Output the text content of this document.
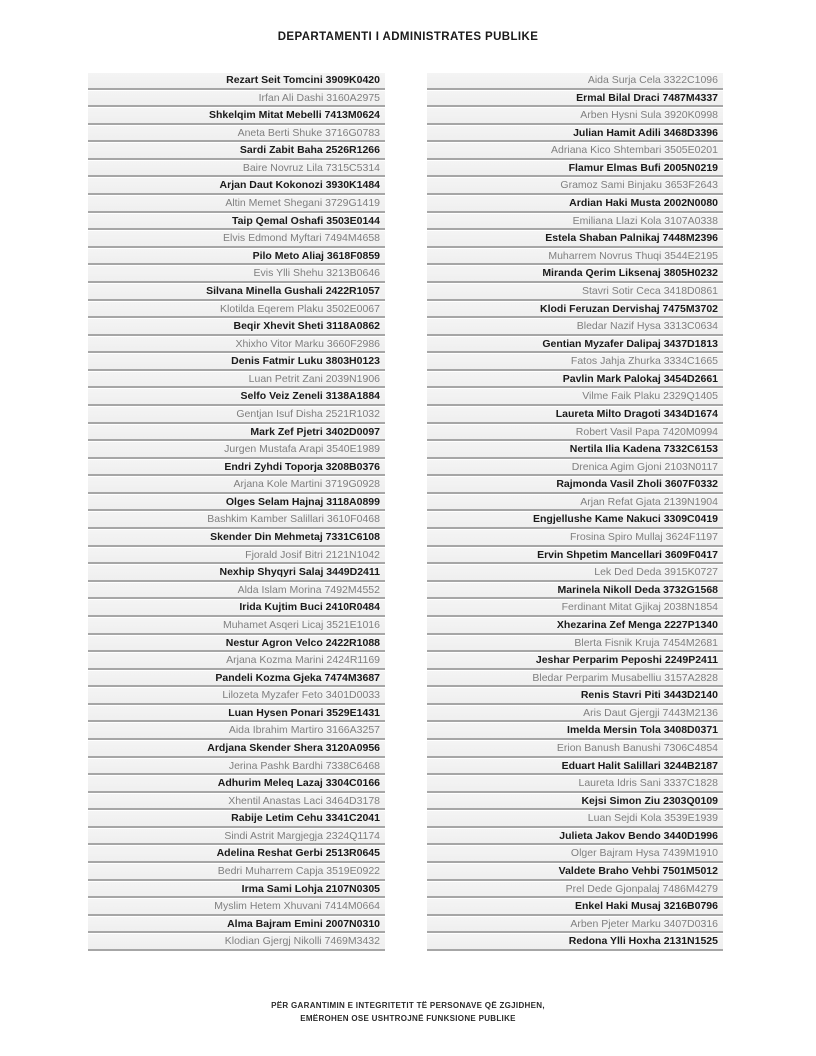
DEPARTAMENTI I ADMINISTRATES PUBLIKE
Rezart Seit Tomcini 3909K0420
Irfan Ali Dashi 3160A2975
Shkelqim Mitat Mebelli 7413M0624
Aneta Berti Shuke 3716G0783
Sardi Zabit Baha 2526R1266
Baire Novruz Lila 7315C5314
Arjan Daut Kokonozi 3930K1484
Altin Memet Shegani 3729G1419
Taip Qemal Oshafi 3503E0144
Elvis Edmond Myftari 7494M4658
Pilo Meto Aliaj 3618F0859
Evis Ylli Shehu 3213B0646
Silvana Minella Gushali 2422R1057
Klotilda Eqerem Plaku 3502E0067
Beqir Xhevit Sheti 3118A0862
Xhixho Vitor Marku 3660F2986
Denis Fatmir Luku 3803H0123
Luan Petrit Zani 2039N1906
Selfo Veiz Zeneli 3138A1884
Gentjan Isuf Disha 2521R1032
Mark Zef Pjetri 3402D0097
Jurgen Mustafa Arapi 3540E1989
Endri Zyhdi Toporja 3208B0376
Arjana Kole Martini 3719G0928
Olges Selam Hajnaj 3118A0899
Bashkim Kamber Salillari 3610F0468
Skender Din Mehmetaj 7331C6108
Fjorald Josif Bitri 2121N1042
Nexhip Shyqyri Salaj 3449D2411
Alda Islam Morina 7492M4552
Irida Kujtim Buci 2410R0484
Muhamet Asqeri Licaj 3521E1016
Nestur Agron Velco 2422R1088
Arjana Kozma Marini 2424R1169
Pandeli Kozma Gjeka 7474M3687
Lilozeta Myzafer Feto 3401D0033
Luan Hysen Ponari 3529E1431
Aida Ibrahim Martiro 3166A3257
Ardjana Skender Shera 3120A0956
Jerina Pashk Bardhi 7338C6468
Adhurim Meleq Lazaj 3304C0166
Xhentil Anastas Laci 3464D3178
Rabije Letim Cehu 3341C2041
Sindi Astrit Margjegja 2324Q1174
Adelina Reshat Gerbi 2513R0645
Bedri Muharrem Capja 3519E0922
Irma Sami Lohja 2107N0305
Myslim Hetem Xhuvani 7414M0664
Alma Bajram Emini 2007N0310
Klodian Gjergj Nikolli 7469M3432
Aida Surja Cela 3322C1096
Ermal Bilal Draci 7487M4337
Arben Hysni Sula 3920K0998
Julian Hamit Adili 3468D3396
Adriana Kico Shtembari 3505E0201
Flamur Elmas Bufi 2005N0219
Gramoz Sami Binjaku 3653F2643
Ardian Haki Musta 2002N0080
Emiliana Llazi Kola 3107A0338
Estela Shaban Palnikaj 7448M2396
Muharrem Novrus Thuqi 3544E2195
Miranda Qerim Liksenaj 3805H0232
Stavri Sotir Ceca 3418D0861
Klodi Feruzan Dervishaj 7475M3702
Bledar Nazif Hysa 3313C0634
Gentian Myzafer Dalipaj 3437D1813
Fatos Jahja Zhurka 3334C1665
Pavlin Mark Palokaj 3454D2661
Vilme Faik Plaku 2329Q1405
Laureta Milto Dragoti 3434D1674
Robert Vasil Papa 7420M0994
Nertila Ilia Kadena 7332C6153
Drenica Agim Gjoni 2103N0117
Rajmonda Vasil Zholi 3607F0332
Arjan Refat Gjata 2139N1904
Engjellushe Kame Nakuci 3309C0419
Frosina Spiro Mullaj 3624F1197
Ervin Shpetim Mancellari 3609F0417
Lek Ded Deda 3915K0727
Marinela Nikoll Deda 3732G1568
Ferdinant Mitat Gjikaj 2038N1854
Xhezarina Zef Menga 2227P1340
Blerta Fisnik Kruja 7454M2681
Jeshar Perparim Peposhi 2249P2411
Bledar Perparim Musabelliu 3157A2828
Renis Stavri Piti 3443D2140
Aris Daut Gjergji 7443M2136
Imelda Mersin Tola 3408D0371
Erion Banush Banushi 7306C4854
Eduart Halit Salillari 3244B2187
Laureta Idris Sani 3337C1828
Kejsi Simon Ziu 2303Q0109
Luan Sejdi Kola 3539E1939
Julieta Jakov Bendo 3440D1996
Olger Bajram Hysa 7439M1910
Valdete Braho Vehbi 7501M5012
Prel Dede Gjonpalaj 7486M4279
Enkel Haki Musaj 3216B0796
Arben Pjeter Marku 3407D0316
Redona Ylli Hoxha 2131N1525
PËR GARANTIMIN E INTEGRITETIT TË PERSONAVE QË ZGJIDHEN,
EMËROHEN OSE USHTROJNË FUNKSIONE PUBLIKE
